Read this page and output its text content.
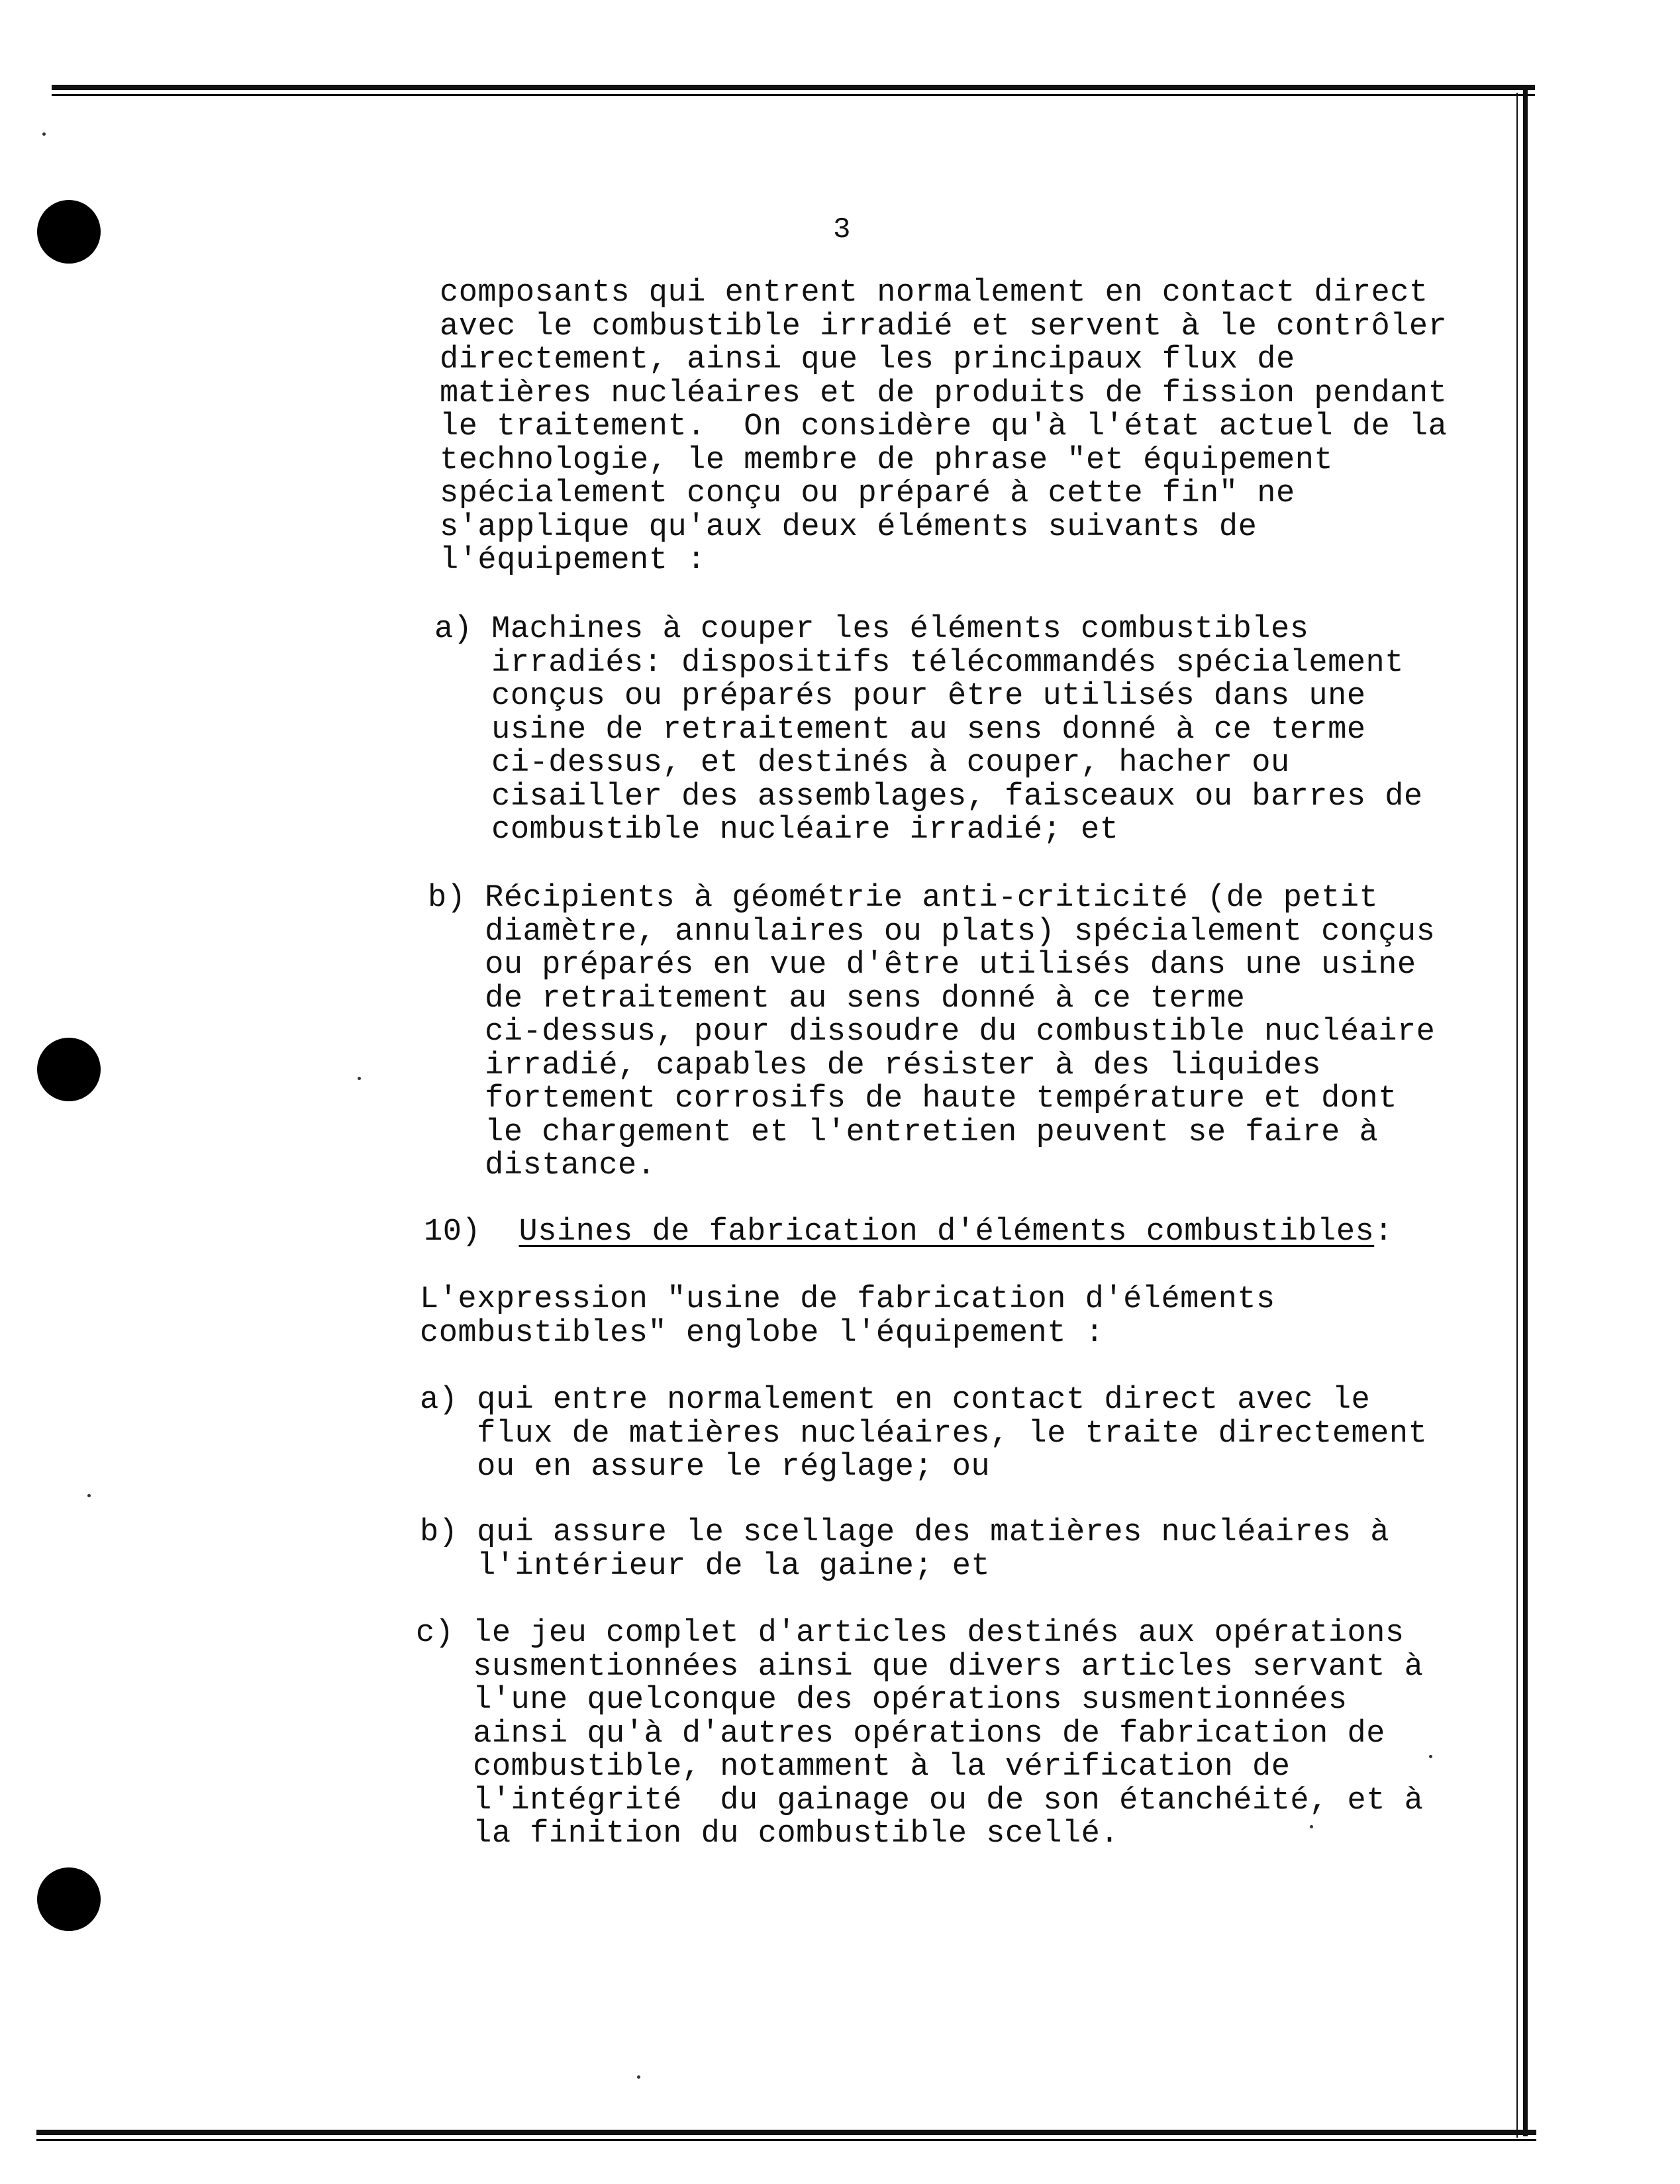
3
composants qui entrent normalement en contact direct
avec le combustible irradié et servent à le contrôler
directement, ainsi que les principaux flux de
matières nucléaires et de produits de fission pendant
le traitement.  On considère qu'à l'état actuel de la
technologie, le membre de phrase "et équipement
spécialement conçu ou préparé à cette fin" ne
s'applique qu'aux deux éléments suivants de
l'équipement :
a) Machines à couper les éléments combustibles
irradiés: dispositifs télécommandés spécialement
conçus ou préparés pour être utilisés dans une
usine de retraitement au sens donné à ce terme
ci-dessus, et destinés à couper, hacher ou
cisailler des assemblages, faisceaux ou barres de
combustible nucléaire irradié; et
b) Récipients à géométrie anti-criticité (de petit
diamètre, annulaires ou plats) spécialement conçus
ou préparés en vue d'être utilisés dans une usine
de retraitement au sens donné à ce terme
ci-dessus, pour dissoudre du combustible nucléaire
irradié, capables de résister à des liquides
fortement corrosifs de haute température et dont
le chargement et l'entretien peuvent se faire à
distance.
10)  Usines de fabrication d'éléments combustibles:
L'expression "usine de fabrication d'éléments
combustibles" englobe l'équipement :
a) qui entre normalement en contact direct avec le
flux de matières nucléaires, le traite directement
ou en assure le réglage; ou
b) qui assure le scellage des matières nucléaires à
l'intérieur de la gaine; et
c) le jeu complet d'articles destinés aux opérations
susmentionnées ainsi que divers articles servant à
l'une quelconque des opérations susmentionnées
ainsi qu'à d'autres opérations de fabrication de
combustible, notamment à la vérification de
l'intégrité  du gainage ou de son étanchéité, et à
la finition du combustible scellé.
